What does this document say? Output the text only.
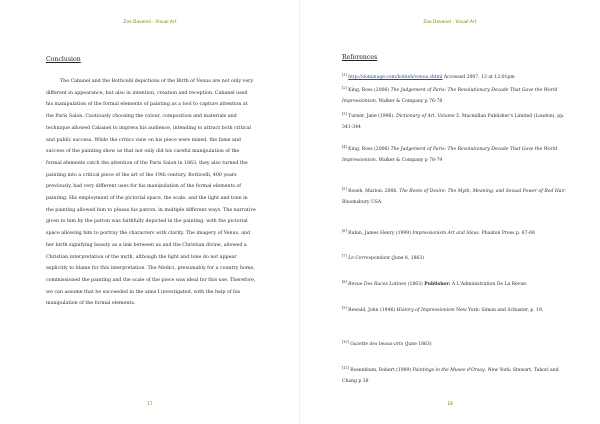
Zoe Davenol - Visual Art
Conclusion

The Cabanel and the Botticelli depictions of the Birth of Venus are not only very different in appearance, but also in intention, creation and reception. Cabanel used his manipulation of the formal elements of painting as a tool to capture attention at the Paris Salon. Cautiously choosing the colour, composition and materials and technique allowed Cabanel to impress his audience, intending to attract both critical and public success. While the critics view on his piece were mixed, the fame and success of the painting show us that not only did his careful manipulation of the formal elements catch the attention of the Paris Salon in 1863, they also turned the painting into a critical piece of the art of the 19th century. Botticelli, 400 years previously, had very different uses for his manipulation of the formal elements of painting. His employment of the pictorial space, the scale, and the light and tone in the painting allowed him to please his patron, in multiple different ways. The narrative given to him by the patron was faithfully depicted in the painting, with the pictorial space allowing him to portray the characters with clarity. The imagery of Venus, and her birth signifying beauty as a link between us and the Christian divine, allowed a Christian interpretation of the myth, although the light and tone do not appear explicitly to blame for this interpretation. The Medici, presumably for a country home, commissioned the painting and the scale of the piece was ideal for this use. Therefore, we can assume that he succeeded in the aims I investigated, with the help of his manipulation of the formal elements.

17
Zoe Davenol - Visual Art
References
[1] http://dominage.com/bobleh/venus.shtml Accessed 2007, 13 at 12:01pm
[2] King, Ross (2006) The Judgement of Paris: The Revolutionary Decade That Gave the World Impressionism. Walker & Company p 76-78
[3] Turner, Jane (1996). Dictionary of Art, Volume 5. Macmillan Publisher's Limited (London), pp. 341-344
[4] King, Ross (2006) The Judgement of Paris: The Revolutionary Decade That Gave the World Impressionism. Walker & Company p 78-79
[5] Roseh, Marion. 2006. The Roots of Desire: The Myth, Meaning, and Sexual Power of Red Hair. Bloomsbury USA.
[6] Rubin, James Henry (1999) Impressionism Art and Ideas. Phaidon Press p. 67-68
[7] Le Correspondant (June 8, 1863)
[8] Revue Des Races Latines (1863) Publisher: A L'Administration De La Revue.
[9] Rewald, John (1946) History of Impressionism New York: Simon and Schuster, p. 19.
[10] Gazette des beaux-arts (June 1863)
[11] Rosenblum, Robert (1989) Paintings in the Musee d'Orsay. New York: Stewart, Tabori and Chang p 38
18
